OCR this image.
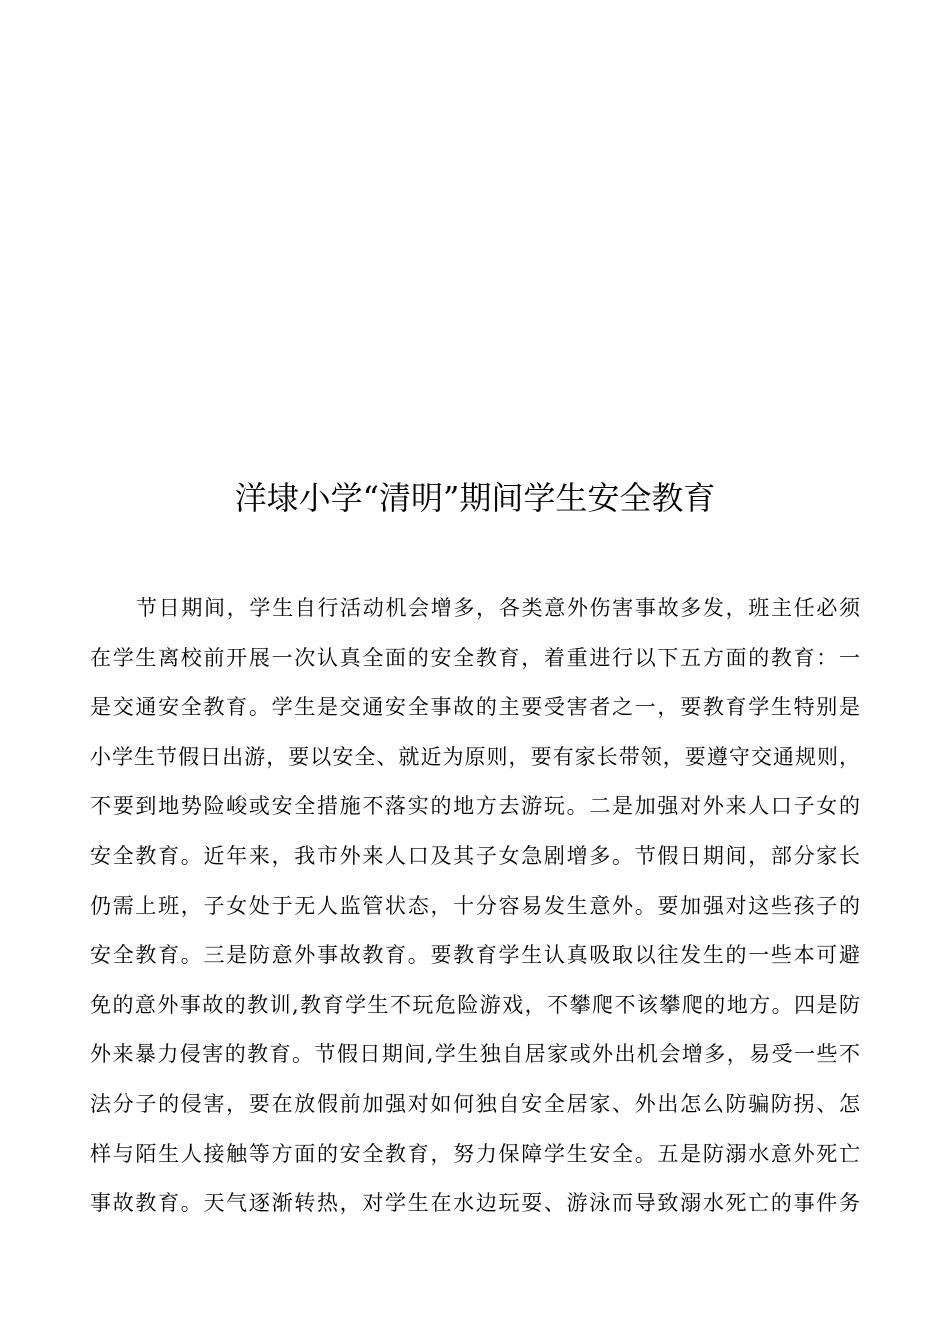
洋埭小学“清明”期间学生安全教育
节日期间，学生自行活动机会增多，各类意外伤害事故多发，班主任必须
在学生离校前开展一次认真全面的安全教育，着重进行以下五方面的教育：一
是交通安全教育。学生是交通安全事故的主要受害者之一，要教育学生特别是
小学生节假日出游，要以安全、就近为原则，要有家长带领，要遵守交通规则，
不要到地势险峻或安全措施不落实的地方去游玩。二是加强对外来人口子女的
安全教育。近年来，我市外来人口及其子女急剧增多。节假日期间，部分家长
仍需上班，子女处于无人监管状态，十分容易发生意外。要加强对这些孩子的
安全教育。三是防意外事故教育。要教育学生认真吸取以往发生的一些本可避
免的意外事故的教训,教育学生不玩危险游戏，不攀爬不该攀爬的地方。四是防
外来暴力侵害的教育。节假日期间,学生独自居家或外出机会增多，易受一些不
法分子的侵害，要在放假前加强对如何独自安全居家、外出怎么防骗防拐、怎
样与陌生人接触等方面的安全教育，努力保障学生安全。五是防溺水意外死亡
事故教育。天气逐渐转热，对学生在水边玩耍、游泳而导致溺水死亡的事件务
